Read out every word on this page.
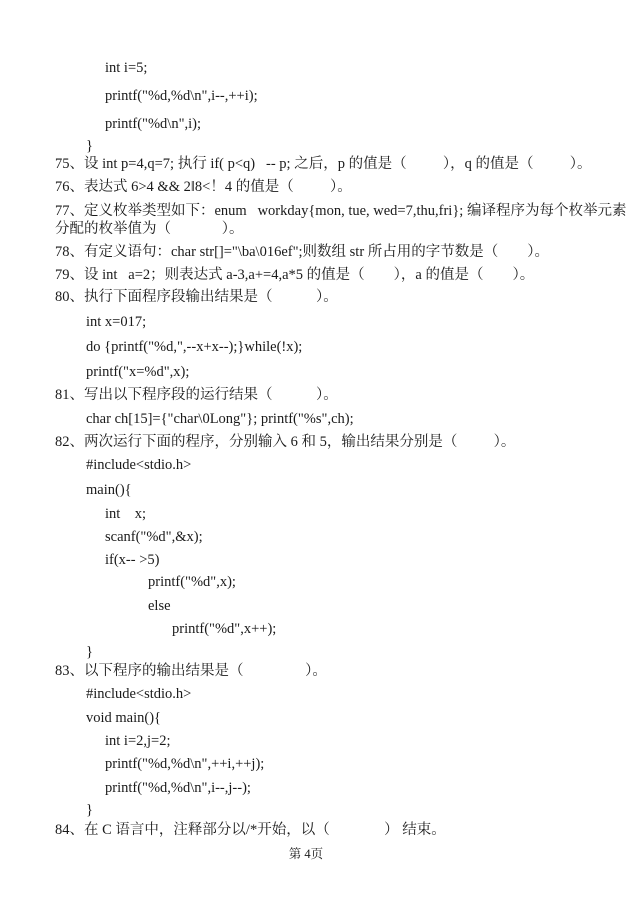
int i=5;
printf("%d,%d\n",i--,++i);
printf("%d\n",i);
}
75、设 int p=4,q=7; 执行 if( p<q)   -- p; 之后，p 的值是（          ），q 的值是（          ）。
76、表达式 6>4 && 2‖8<！4 的值是（          ）。
77、定义枚举类型如下：enum   workday{mon, tue, wed=7,thu,fri}; 编译程序为每个枚举元素
分配的枚举值为（              ）。
78、有定义语句：char str[]="\ba\016ef";则数组 str 所占用的字节数是（        ）。
79、设 int   a=2；则表达式 a-3,a+=4,a*5 的值是（        ），a 的值是（        ）。
80、执行下面程序段输出结果是（            ）。
int x=017;
do {printf("%d,",--x+x--);}while(!x);
printf("x=%d",x);
81、写出以下程序段的运行结果（            ）。
char ch[15]={"char\0Long"}; printf("%s",ch);
82、两次运行下面的程序，分别输入 6 和 5，输出结果分别是（          ）。
#include<stdio.h>
main(){
int    x;
scanf("%d",&x);
if(x-- >5)
printf("%d",x);
else
printf("%d",x++);
}
83、以下程序的输出结果是（                 ）。
#include<stdio.h>
void main(){
int i=2,j=2;
printf("%d,%d\n",++i,++j);
printf("%d,%d\n",i--,j--);
}
84、在 C 语言中，注释部分以/*开始，以（               ） 结束。
第 4页
